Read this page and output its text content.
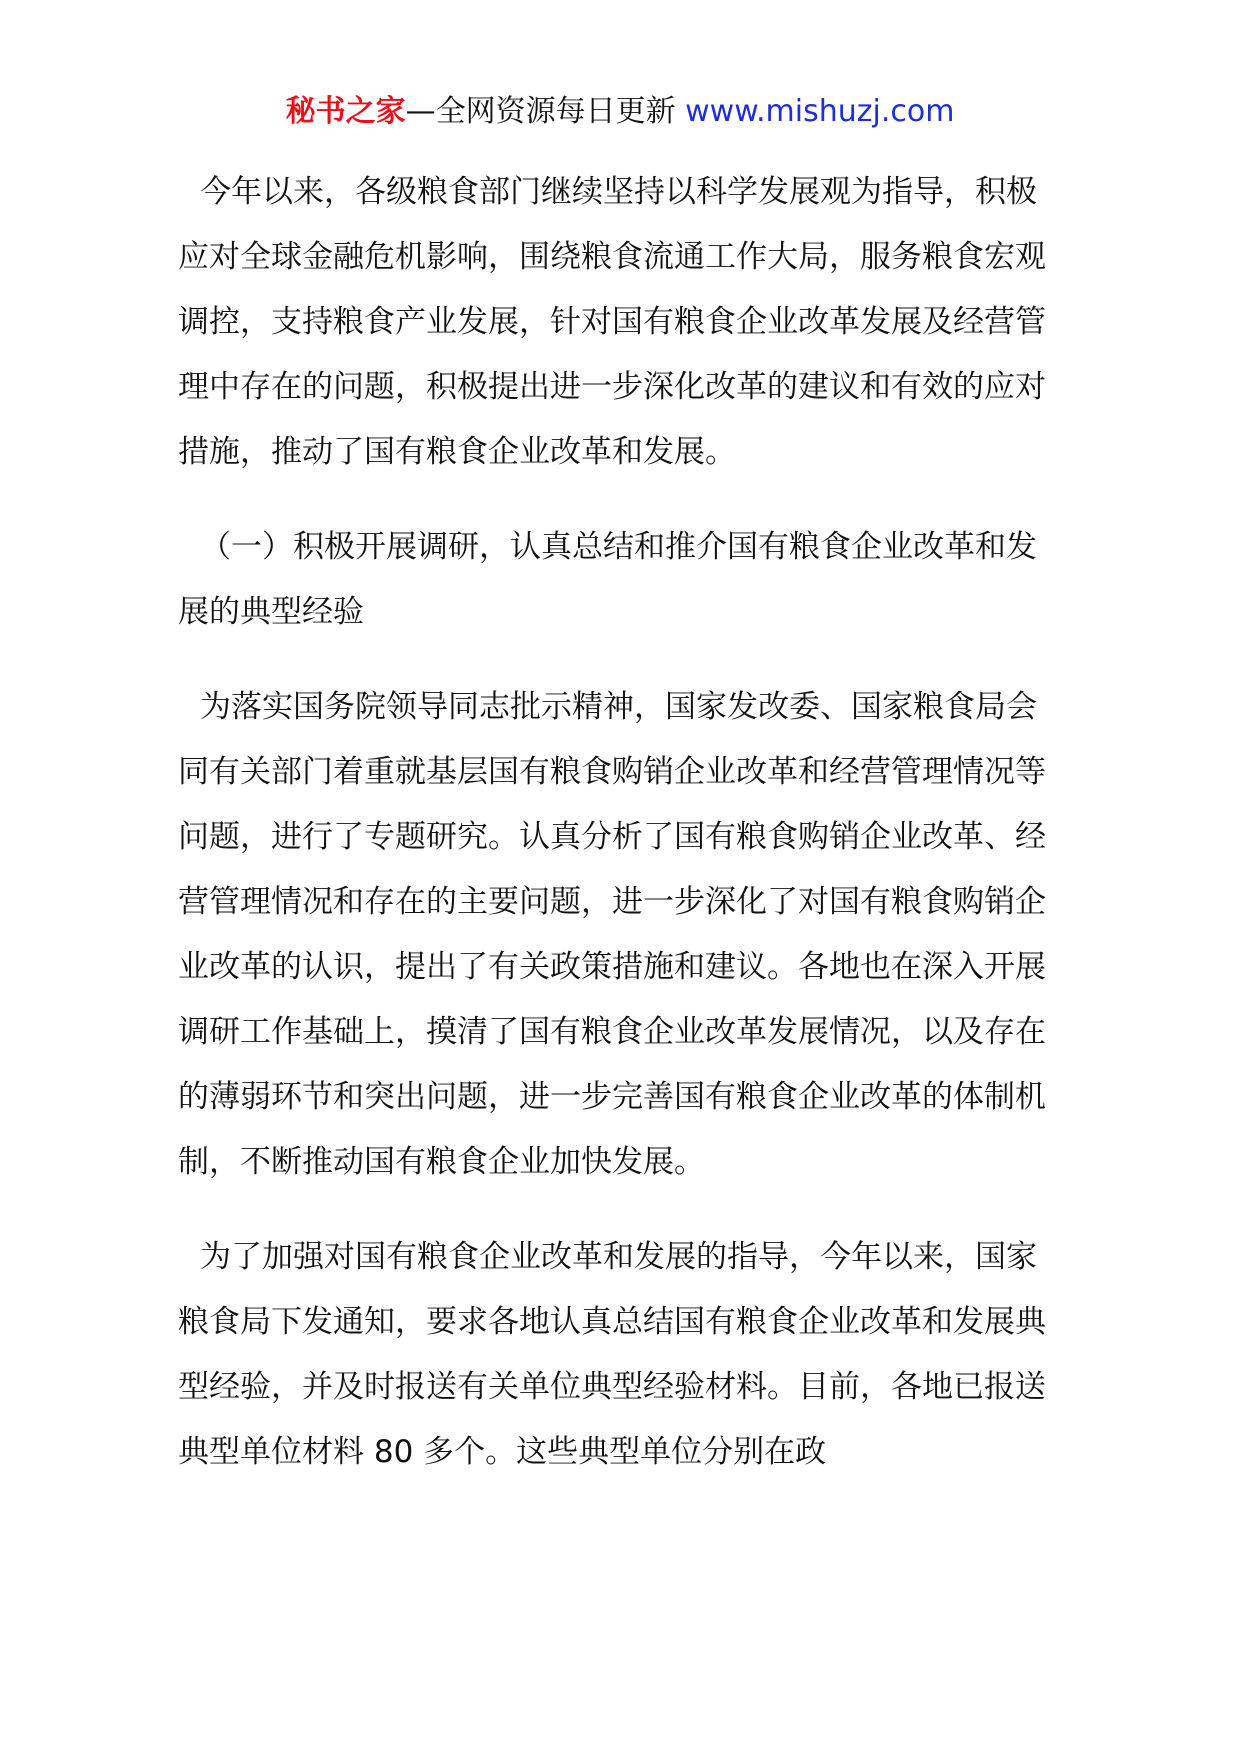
秘书之家—全网资源每日更新 www.mishuzj.com

今年以来，各级粮食部门继续坚持以科学发展观为指导，积极应对全球金融危机影响，围绕粮食流通工作大局，服务粮食宏观调控，支持粮食产业发展，针对国有粮食企业改革发展及经营管理中存在的问题，积极提出进一步深化改革的建议和有效的应对措施，推动了国有粮食企业改革和发展。

（一）积极开展调研，认真总结和推介国有粮食企业改革和发展的典型经验

为落实国务院领导同志批示精神，国家发改委、国家粮食局会同有关部门着重就基层国有粮食购销企业改革和经营管理情况等问题，进行了专题研究。认真分析了国有粮食购销企业改革、经营管理情况和存在的主要问题，进一步深化了对国有粮食购销企业改革的认识，提出了有关政策措施和建议。各地也在深入开展调研工作基础上，摸清了国有粮食企业改革发展情况，以及存在的薄弱环节和突出问题，进一步完善国有粮食企业改革的体制机制，不断推动国有粮食企业加快发展。

为了加强对国有粮食企业改革和发展的指导，今年以来，国家粮食局下发通知，要求各地认真总结国有粮食企业改革和发展典型经验，并及时报送有关单位典型经验材料。目前，各地已报送典型单位材料 80 多个。这些典型单位分别在政
